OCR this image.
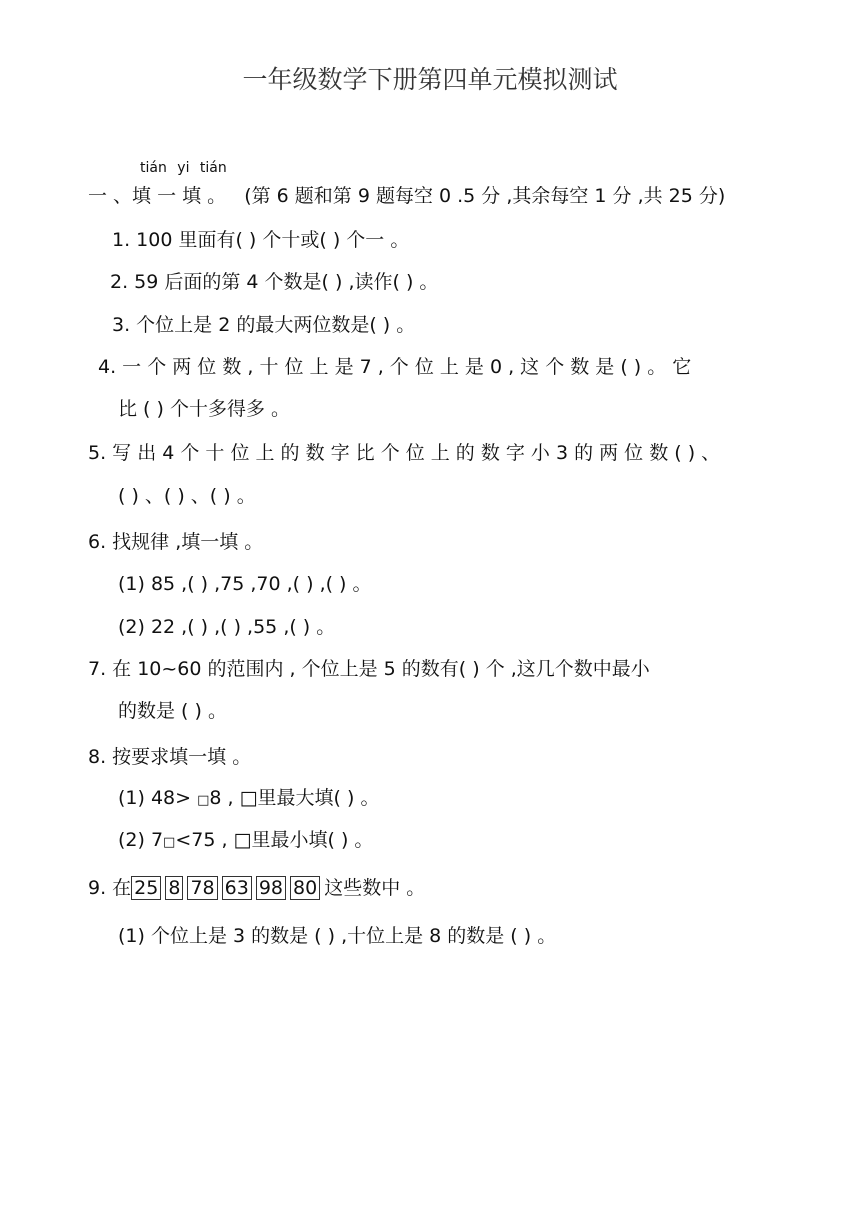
一年级数学下册第四单元模拟测试
tián yi tián
一 、填 一 填 。 (第 6 题和第 9 题每空 0 .5 分 ,其余每空 1 分 ,共 25 分)
1. 100 里面有( ) 个十或( ) 个一 。
2. 59 后面的第 4 个数是( ) ,读作( ) 。
3. 个位上是 2 的最大两位数是( ) 。
4. 一 个 两 位 数 , 十 位 上 是 7 , 个 位 上 是 0 , 这 个 数 是 ( ) 。 它
比 ( ) 个十多得多 。
5. 写 出 4 个 十 位 上 的 数 字 比 个 位 上 的 数 字 小 3 的 两 位 数 ( ) 、
( ) 、( ) 、( ) 。
6. 找规律 ,填一填 。
(1) 85 ,( ) ,75 ,70 ,( ) ,( ) 。
(2) 22 ,( ) ,( ) ,55 ,( ) 。
7. 在 10~60 的范围内 , 个位上是 5 的数有( ) 个 ,这几个数中最小
的数是 ( ) 。
8. 按要求填一填 。
(1) 48> □8 , □里最大填( ) 。
(2) 7□<75 , □里最小填( ) 。
9. 在 25 8 78 63 98 80 这些数中 。
(1) 个位上是 3 的数是 ( ) ,十位上是 8 的数是 ( ) 。
